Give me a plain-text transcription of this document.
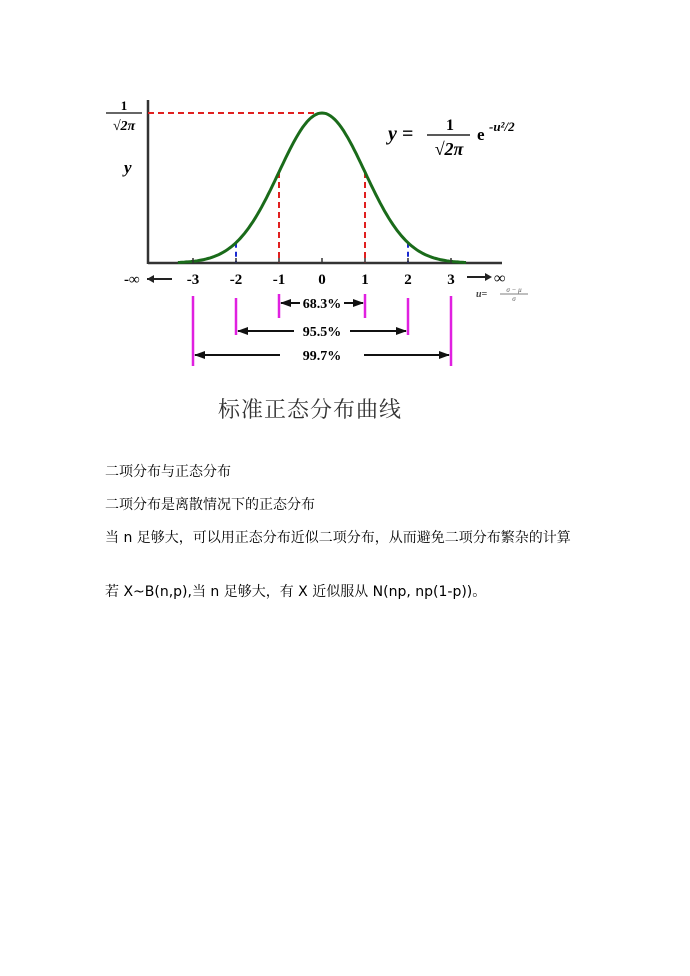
1
√2π
y
y = 1
√2π
e -u²/2
-3 -2 -1 0 1 2 3
-∞	∞
u=	σ − μ
σ
68.3%
95.5%
99.7%
标准正态分布曲线
二项分布与正态分布
二项分布是离散情况下的正态分布
当 n 足够大，可以用正态分布近似二项分布，从而避免二项分布繁杂的计算
若 X~B(n,p),当 n 足够大，有 X 近似服从 N(np, np(1-p))。
